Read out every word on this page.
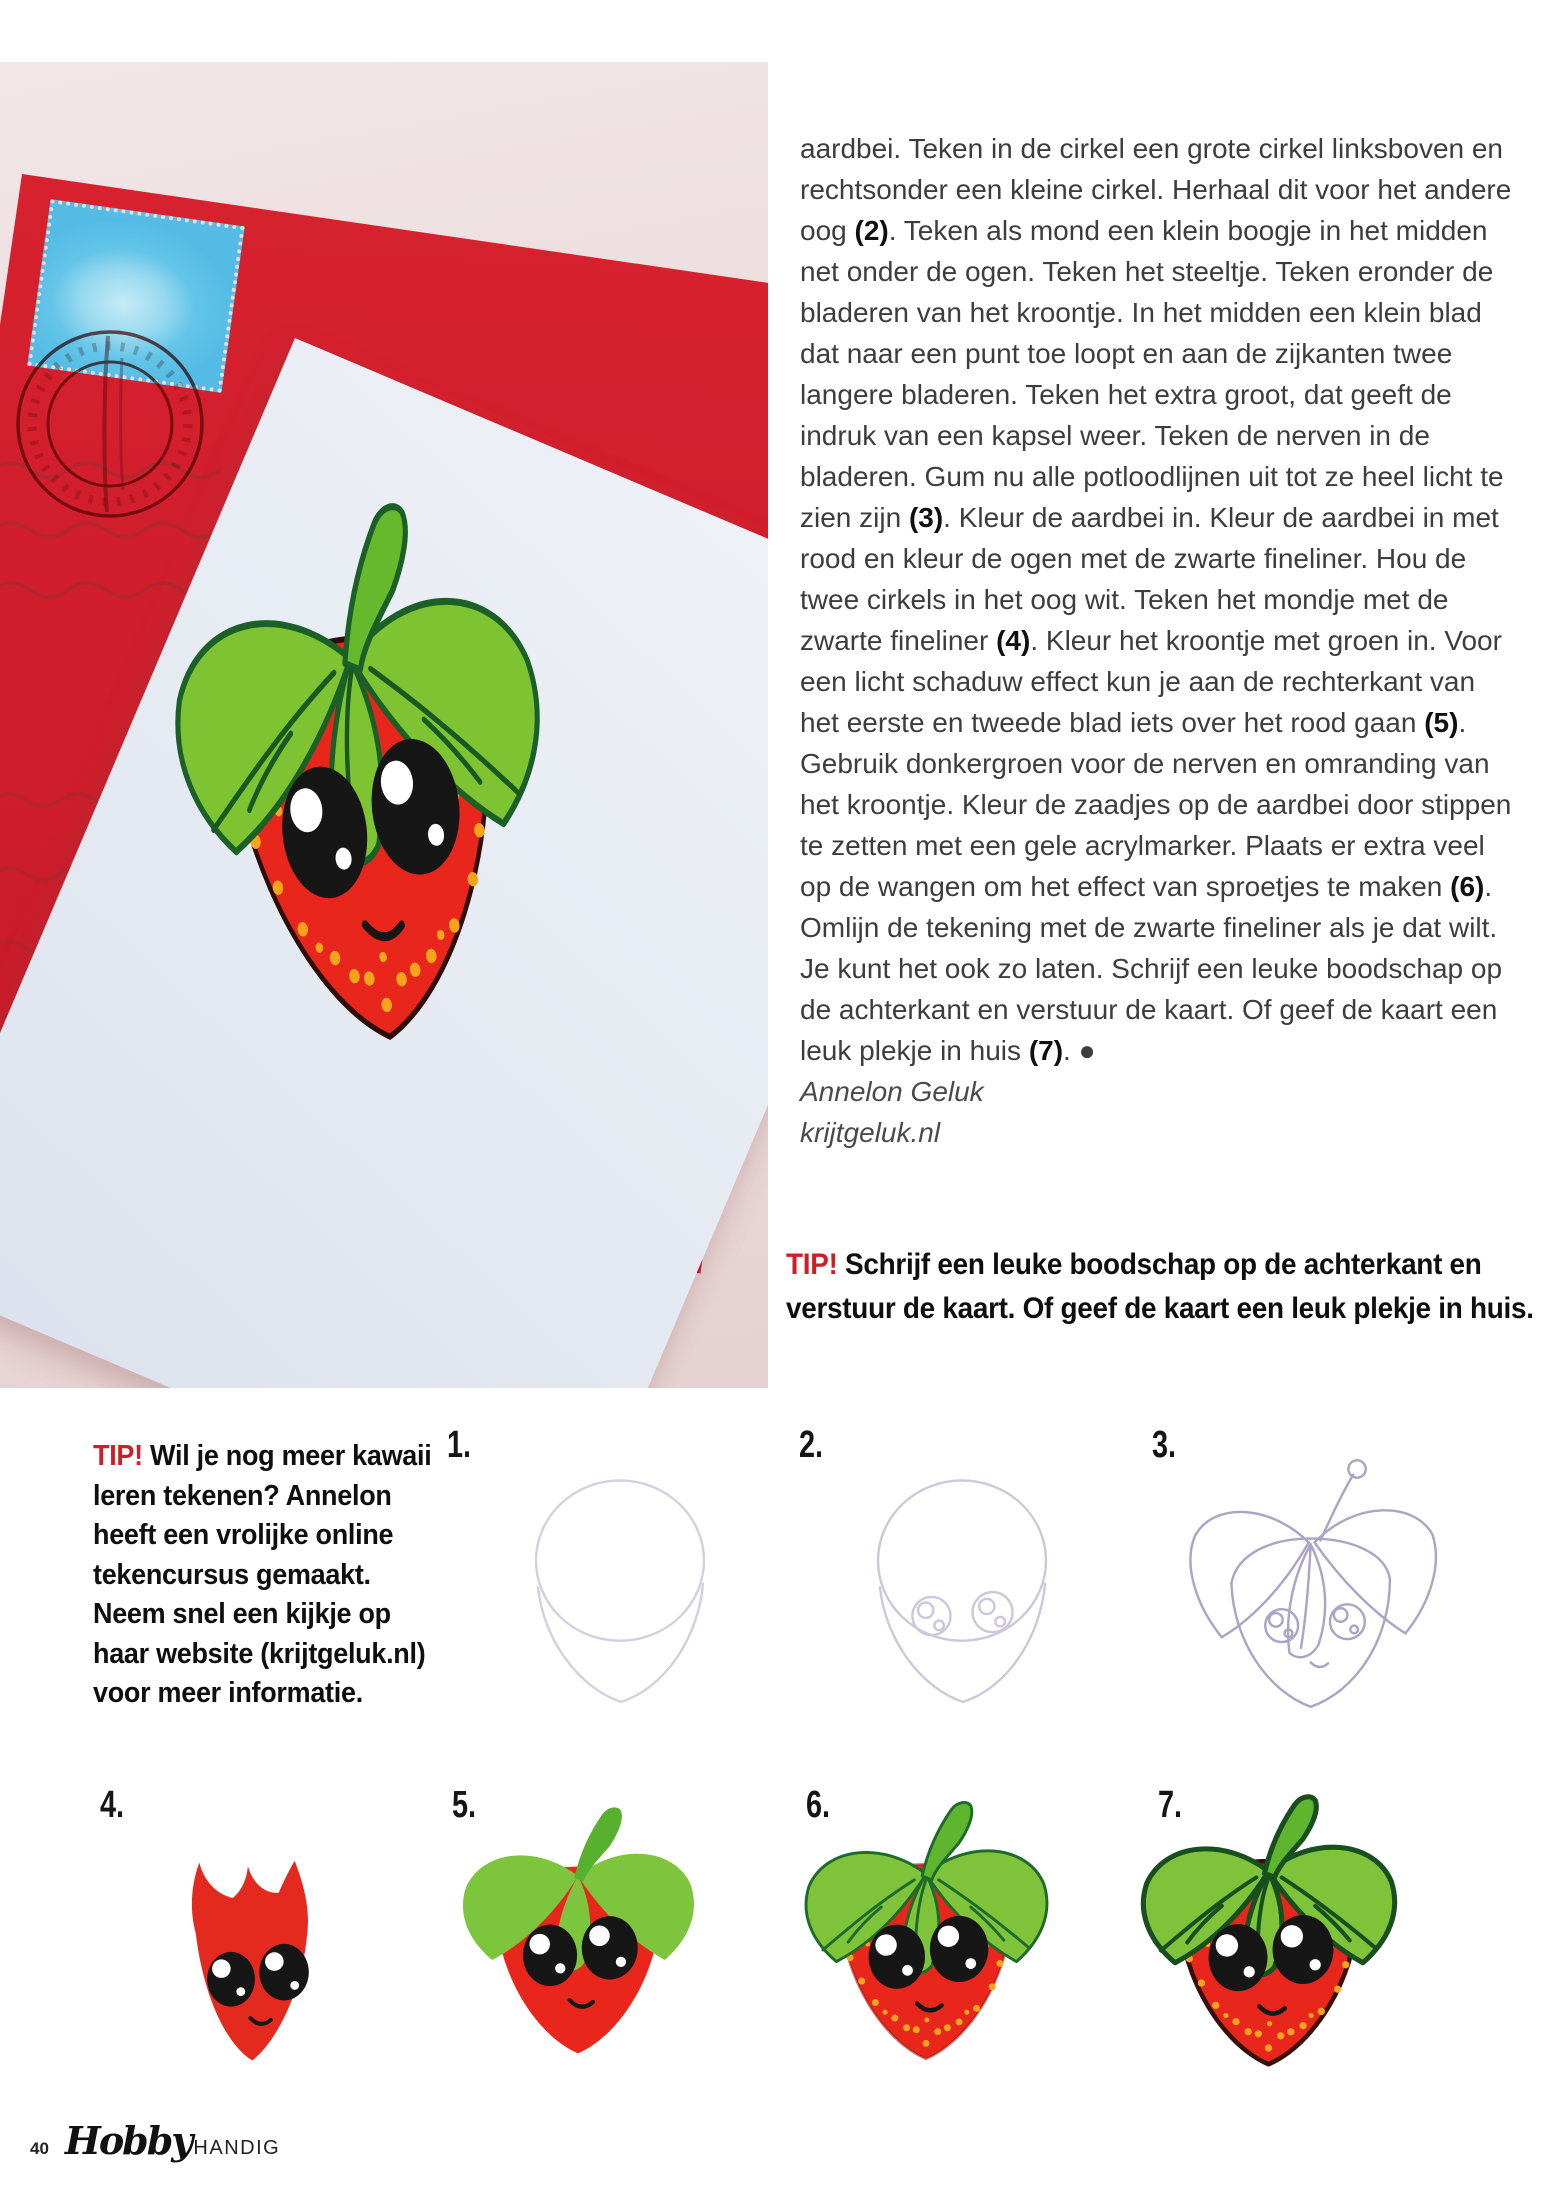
aardbei. Teken in de cirkel een grote cirkel linksboven en rechtsonder een kleine cirkel. Herhaal dit voor het andere oog (2). Teken als mond een klein boogje in het midden net onder de ogen. Teken het steeltje. Teken eronder de bladeren van het kroontje. In het midden een klein blad dat naar een punt toe loopt en aan de zijkanten twee langere bladeren. Teken het extra groot, dat geeft de indruk van een kapsel weer. Teken de nerven in de bladeren. Gum nu alle potloodlijnen uit tot ze heel licht te zien zijn (3). Kleur de aardbei in. Kleur de aardbei in met rood en kleur de ogen met de zwarte fineliner. Hou de twee cirkels in het oog wit. Teken het mondje met de zwarte fineliner (4). Kleur het kroontje met groen in. Voor een licht schaduw effect kun je aan de rechterkant van het eerste en tweede blad iets over het rood gaan (5). Gebruik donkergroen voor de nerven en omranding van het kroontje. Kleur de zaadjes op de aardbei door stippen te zetten met een gele acrylmarker. Plaats er extra veel op de wangen om het effect van sproetjes te maken (6). Omlijn de tekening met de zwarte fineliner als je dat wilt. Je kunt het ook zo laten. Schrijf een leuke boodschap op de achterkant en verstuur de kaart. Of geef de kaart een leuk plekje in huis (7). ●

Annelon Geluk
krijtgeluk.nl
TIP! Schrijf een leuke boodschap op de achterkant en verstuur de kaart. Of geef de kaart een leuk plekje in huis.
TIP! Wil je nog meer kawaii leren tekenen? Annelon heeft een vrolijke online tekencursus gemaakt. Neem snel een kijkje op haar website (krijtgeluk.nl) voor meer informatie.
1.	2.	3.
4.	5.	6.	7.
40 Hobby HANDIG
